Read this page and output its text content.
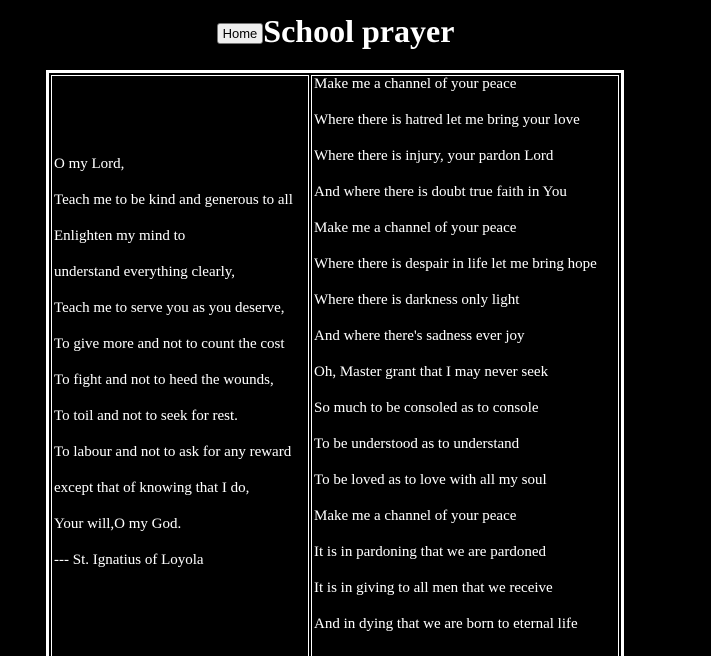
Home School prayer
O my Lord,
Teach me to be kind and generous to all
Enlighten my mind to
understand everything clearly,
Teach me to serve you as you deserve,
To give more and not to count the cost
To fight and not to heed the wounds,
To toil and not to seek for rest.
To labour and not to ask for any reward
except that of knowing that I do,
Your will,O my God.
--- St. Ignatius of Loyola
Make me a channel of your peace
Where there is hatred let me bring your love
Where there is injury, your pardon Lord
And where there is doubt true faith in You
Make me a channel of your peace
Where there is despair in life let me bring hope
Where there is darkness only light
And where there's sadness ever joy
Oh, Master grant that I may never seek
So much to be consoled as to console
To be understood as to understand
To be loved as to love with all my soul
Make me a channel of your peace
It is in pardoning that we are pardoned
It is in giving to all men that we receive
And in dying that we are born to eternal life
